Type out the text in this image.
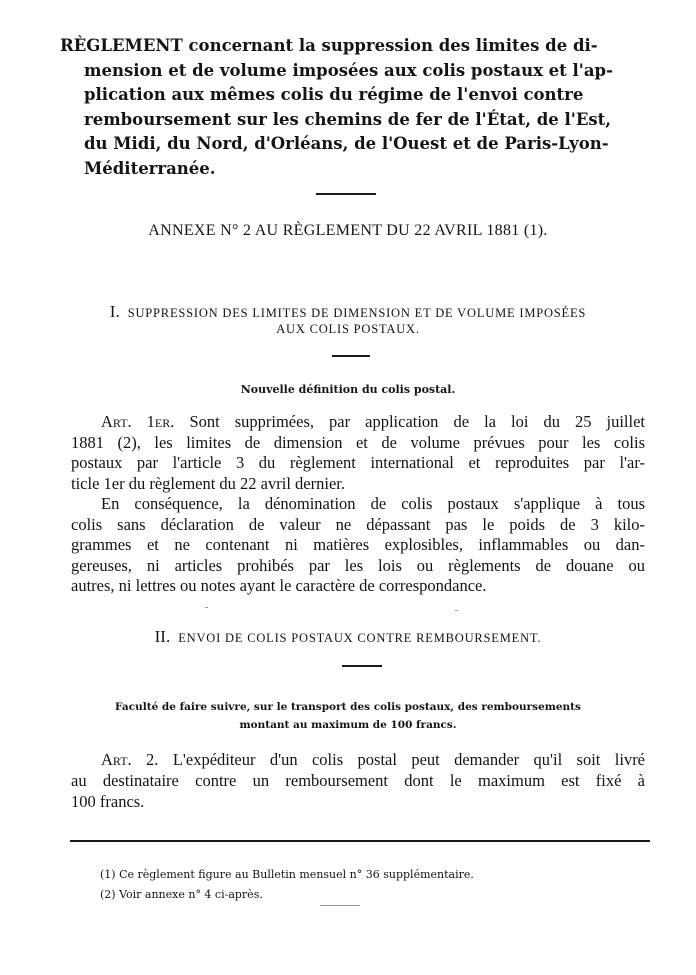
RÈGLEMENT concernant la suppression des limites de di-
mension et de volume imposées aux colis postaux et l'ap-
plication aux mêmes colis du régime de l'envoi contre
remboursement sur les chemins de fer de l'État, de l'Est,
du Midi, du Nord, d'Orléans, de l'Ouest et de Paris-Lyon-
Méditerranée.

ANNEXE N° 2 AU RÈGLEMENT DU 22 AVRIL 1881 (1).

I. SUPPRESSION DES LIMITES DE DIMENSION ET DE VOLUME IMPOSÉES

AUX COLIS POSTAUX.

Nouvelle définition du colis postal.

Art. 1er. Sont supprimées, par application de la loi du 25 juillet
1881 (2), les limites de dimension et de volume prévues pour les colis
postaux par l'article 3 du règlement international et reproduites par l'ar-
ticle 1er du règlement du 22 avril dernier.
En conséquence, la dénomination de colis postaux s'applique à tous
colis sans déclaration de valeur ne dépassant pas le poids de 3 kilo-
grammes et ne contenant ni matières explosibles, inflammables ou dan-
gereuses, ni articles prohibés par les lois ou règlements de douane ou
autres, ni lettres ou notes ayant le caractère de correspondance.

II. ENVOI DE COLIS POSTAUX CONTRE REMBOURSEMENT.

Faculté de faire suivre, sur le transport des colis postaux, des remboursements

montant au maximum de 100 francs.

Art. 2. L'expéditeur d'un colis postal peut demander qu'il soit livré
au destinataire contre un remboursement dont le maximum est fixé à
100 francs.
(1) Ce règlement figure au Bulletin mensuel n° 36 supplémentaire.
(2) Voir annexe n° 4 ci-après.
